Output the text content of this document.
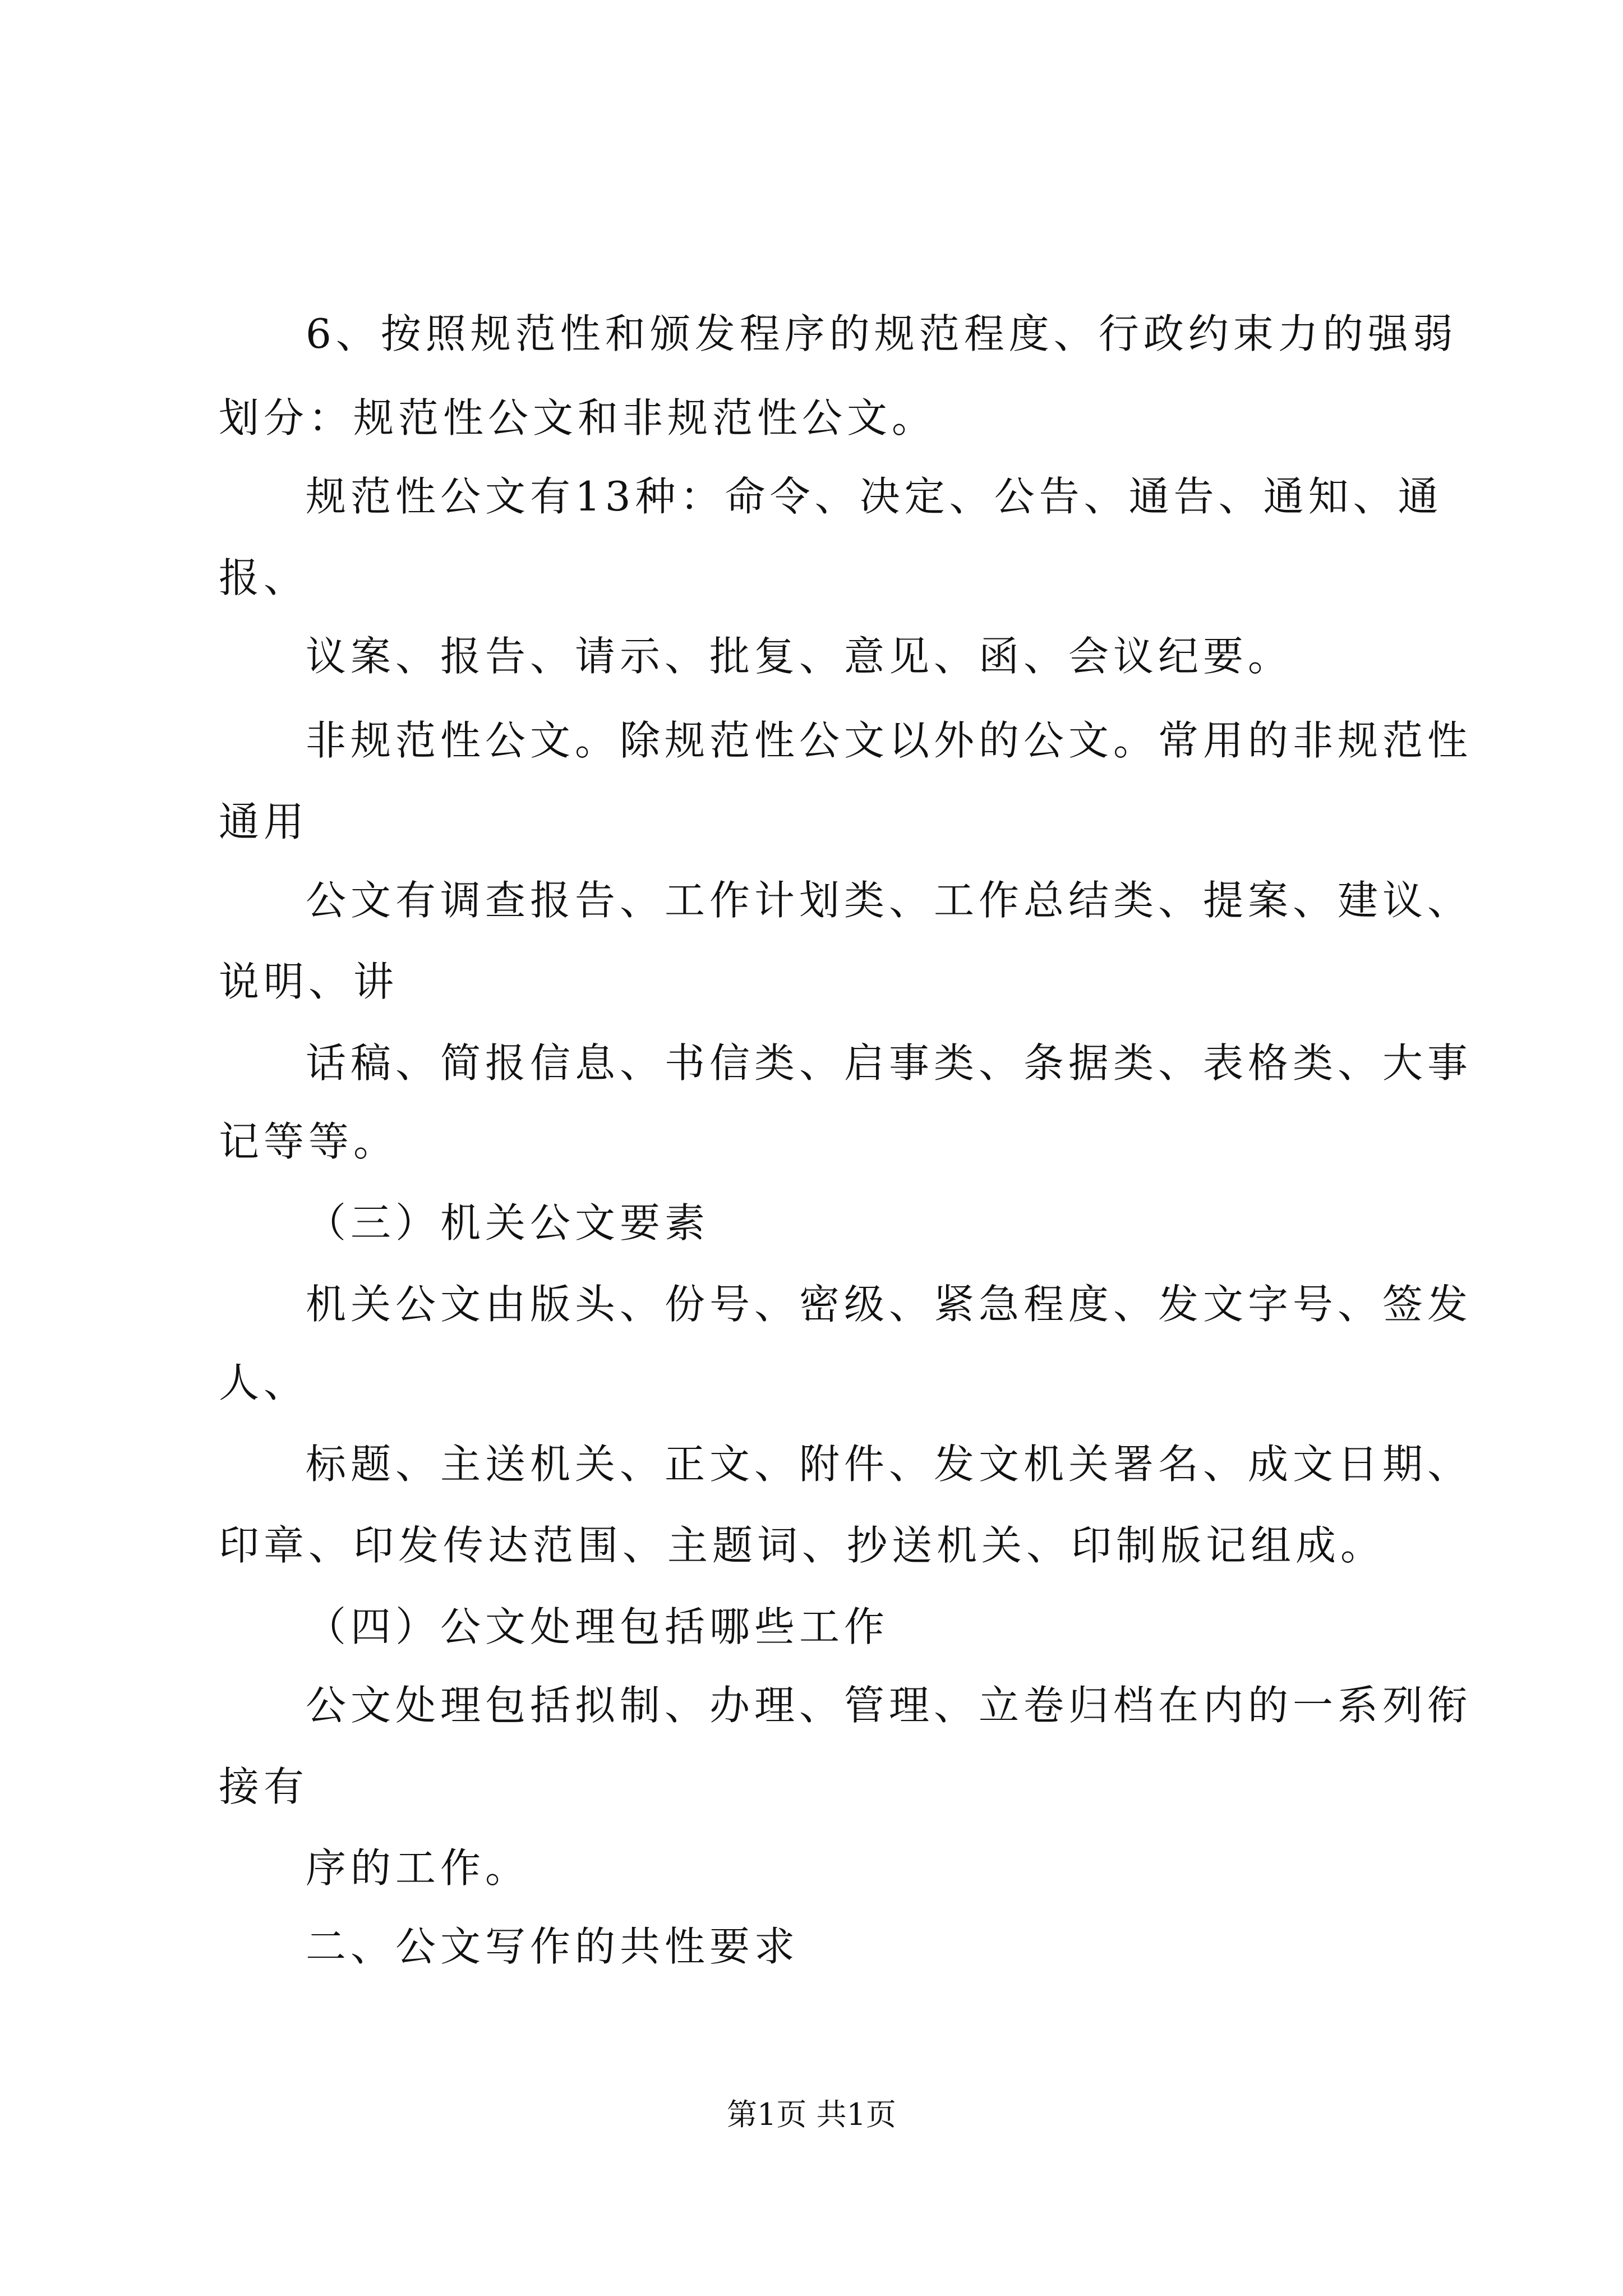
6、按照规范性和颁发程序的规范程度、行政约束力的强弱
划分：规范性公文和非规范性公文。
规范性公文有13种：命令、决定、公告、通告、通知、通
报、
议案、报告、请示、批复、意见、函、会议纪要。
非规范性公文。除规范性公文以外的公文。常用的非规范性
通用
公文有调查报告、工作计划类、工作总结类、提案、建议、
说明、讲
话稿、简报信息、书信类、启事类、条据类、表格类、大事
记等等。
（三）机关公文要素
机关公文由版头、份号、密级、紧急程度、发文字号、签发
人、
标题、主送机关、正文、附件、发文机关署名、成文日期、
印章、印发传达范围、主题词、抄送机关、印制版记组成。
（四）公文处理包括哪些工作
公文处理包括拟制、办理、管理、立卷归档在内的一系列衔
接有
序的工作。
二、公文写作的共性要求
第1页 共1页
